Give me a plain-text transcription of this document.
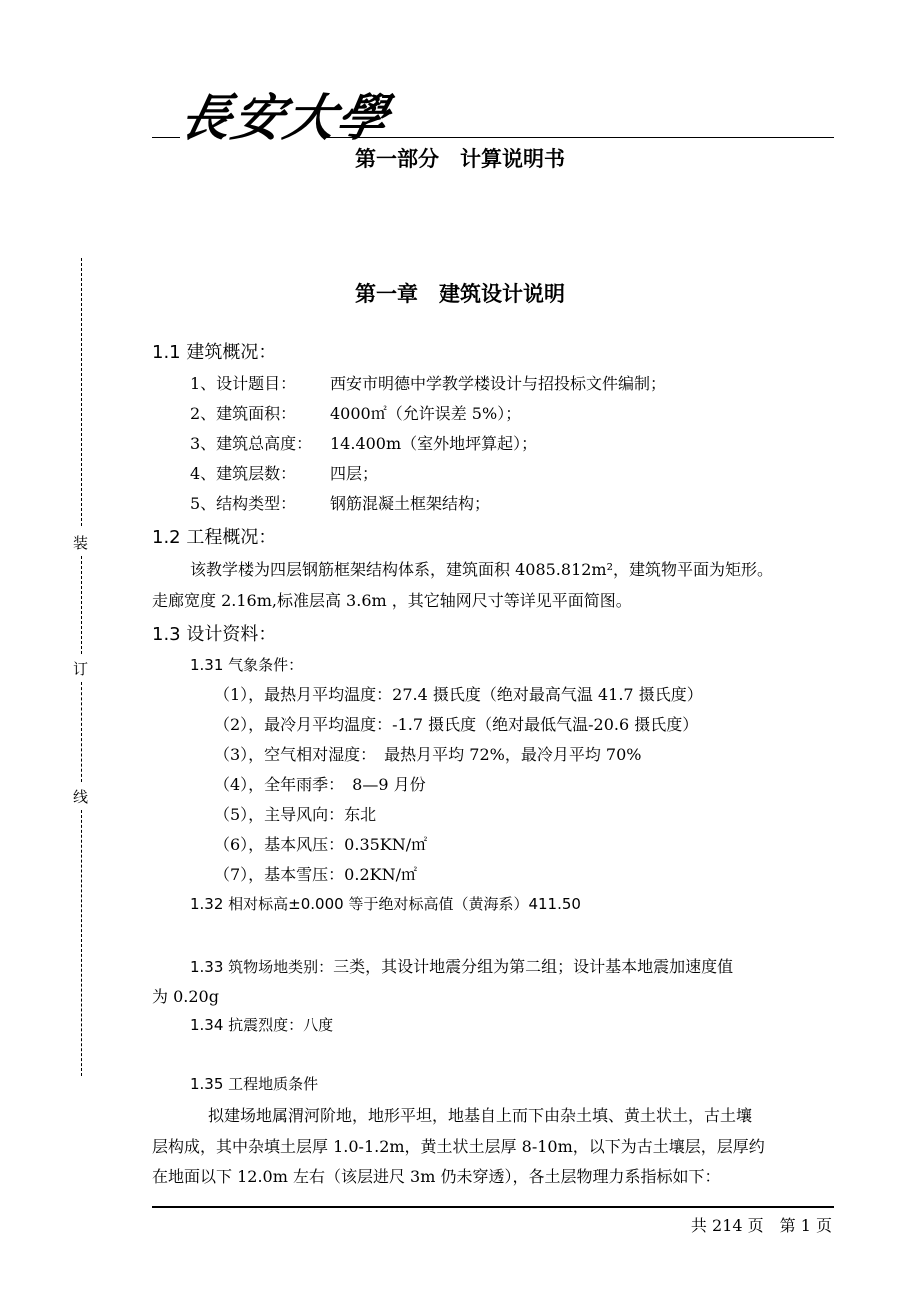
長安大學
第一部分　计算说明书
装
订
线
第一章　建筑设计说明
1.1 建筑概况：
1、设计题目： 西安市明德中学教学楼设计与招投标文件编制；
2、建筑面积： 4000㎡（允许误差 5%）；
3、建筑总高度： 14.400m（室外地坪算起）；
4、建筑层数： 四层；
5、结构类型： 钢筋混凝土框架结构；
1.2 工程概况：
该教学楼为四层钢筋框架结构体系，建筑面积 4085.812m²，建筑物平面为矩形。
走廊宽度 2.16m,标准层高 3.6m ，其它轴网尺寸等详见平面简图。
1.3 设计资料：
1.31 气象条件：
（1），最热月平均温度：27.4 摄氏度（绝对最高气温 41.7 摄氏度）
（2），最冷月平均温度：-1.7 摄氏度（绝对最低气温-20.6 摄氏度）
（3），空气相对湿度：　最热月平均 72%，最冷月平均 70%
（4），全年雨季：　8—9 月份
（5），主导风向：东北
（6），基本风压：0.35KN/㎡
（7），基本雪压：0.2KN/㎡
1.32 相对标高±0.000 等于绝对标高值（黄海系）411.50
1.33 筑物场地类别：三类，其设计地震分组为第二组；设计基本地震加速度值
为 0.20g
1.34 抗震烈度：八度
1.35 工程地质条件
拟建场地属渭河阶地，地形平坦，地基自上而下由杂土填、黄土状土，古土壤
层构成，其中杂填土层厚 1.0-1.2m，黄土状土层厚 8-10m，以下为古土壤层，层厚约
在地面以下 12.0m 左右（该层进尺 3m 仍未穿透），各土层物理力系指标如下：
共 214 页　第 1 页
